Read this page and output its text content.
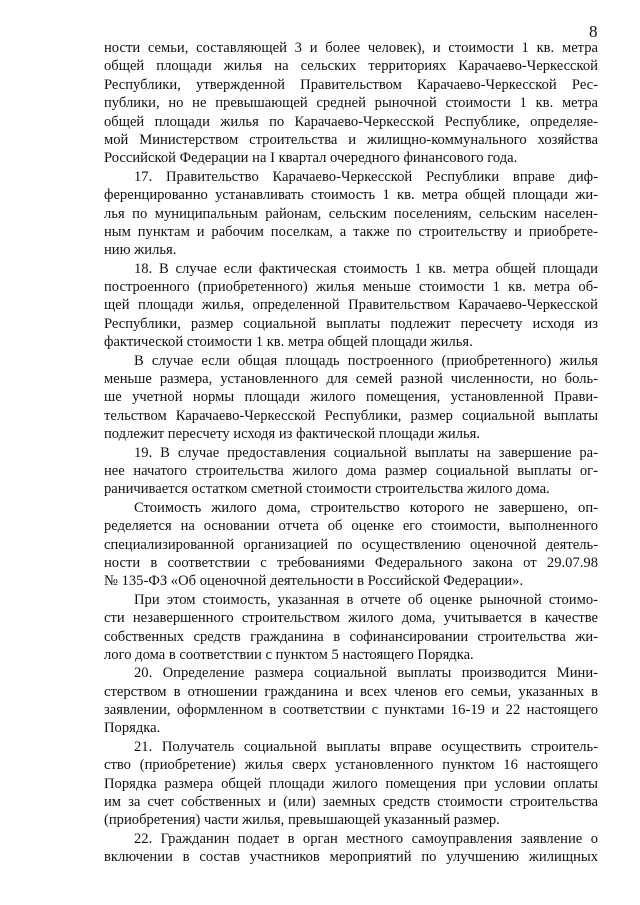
8
ности семьи, составляющей 3 и более человек), и стоимости 1 кв. метра
общей площади жилья на сельских территориях Карачаево-Черкесской
Республики, утвержденной Правительством Карачаево-Черкесской Рес-
публики, но не превышающей средней рыночной стоимости 1 кв. метра
общей площади жилья по Карачаево-Черкесской Республике, определяе-
мой Министерством строительства и жилищно-коммунального хозяйства
Российской Федерации на I квартал очередного финансового года.
17. Правительство Карачаево-Черкесской Республики вправе диф-
ференцированно устанавливать стоимость 1 кв. метра общей площади жи-
лья по муниципальным районам, сельским поселениям, сельским населен-
ным пунктам и рабочим поселкам, а также по строительству и приобрете-
нию жилья.
18. В случае если фактическая стоимость 1 кв. метра общей площади
построенного (приобретенного) жилья меньше стоимости 1 кв. метра об-
щей площади жилья, определенной Правительством Карачаево-Черкесской
Республики, размер социальной выплаты подлежит пересчету исходя из
фактической стоимости 1 кв. метра общей площади жилья.
В случае если общая площадь построенного (приобретенного) жилья
меньше размера, установленного для семей разной численности, но боль-
ше учетной нормы площади жилого помещения, установленной Прави-
тельством Карачаево-Черкесской Республики, размер социальной выплаты
подлежит пересчету исходя из фактической площади жилья.
19. В случае предоставления социальной выплаты на завершение ра-
нее начатого строительства жилого дома размер социальной выплаты ог-
раничивается остатком сметной стоимости строительства жилого дома.
Стоимость жилого дома, строительство которого не завершено, оп-
ределяется на основании отчета об оценке его стоимости, выполненного
специализированной организацией по осуществлению оценочной деятель-
ности в соответствии с требованиями Федерального закона от 29.07.98
№ 135-ФЗ «Об оценочной деятельности в Российской Федерации».
При этом стоимость, указанная в отчете об оценке рыночной стоимо-
сти незавершенного строительством жилого дома, учитывается в качестве
собственных средств гражданина в софинансировании строительства жи-
лого дома в соответствии с пунктом 5 настоящего Порядка.
20. Определение размера социальной выплаты производится Мини-
стерством в отношении гражданина и всех членов его семьи, указанных в
заявлении, оформленном в соответствии с пунктами 16-19 и 22 настоящего
Порядка.
21. Получатель социальной выплаты вправе осуществить строитель-
ство (приобретение) жилья сверх установленного пунктом 16 настоящего
Порядка размера общей площади жилого помещения при условии оплаты
им за счет собственных и (или) заемных средств стоимости строительства
(приобретения) части жилья, превышающей указанный размер.
22. Гражданин подает в орган местного самоуправления заявление о
включении в состав участников мероприятий по улучшению жилищных
